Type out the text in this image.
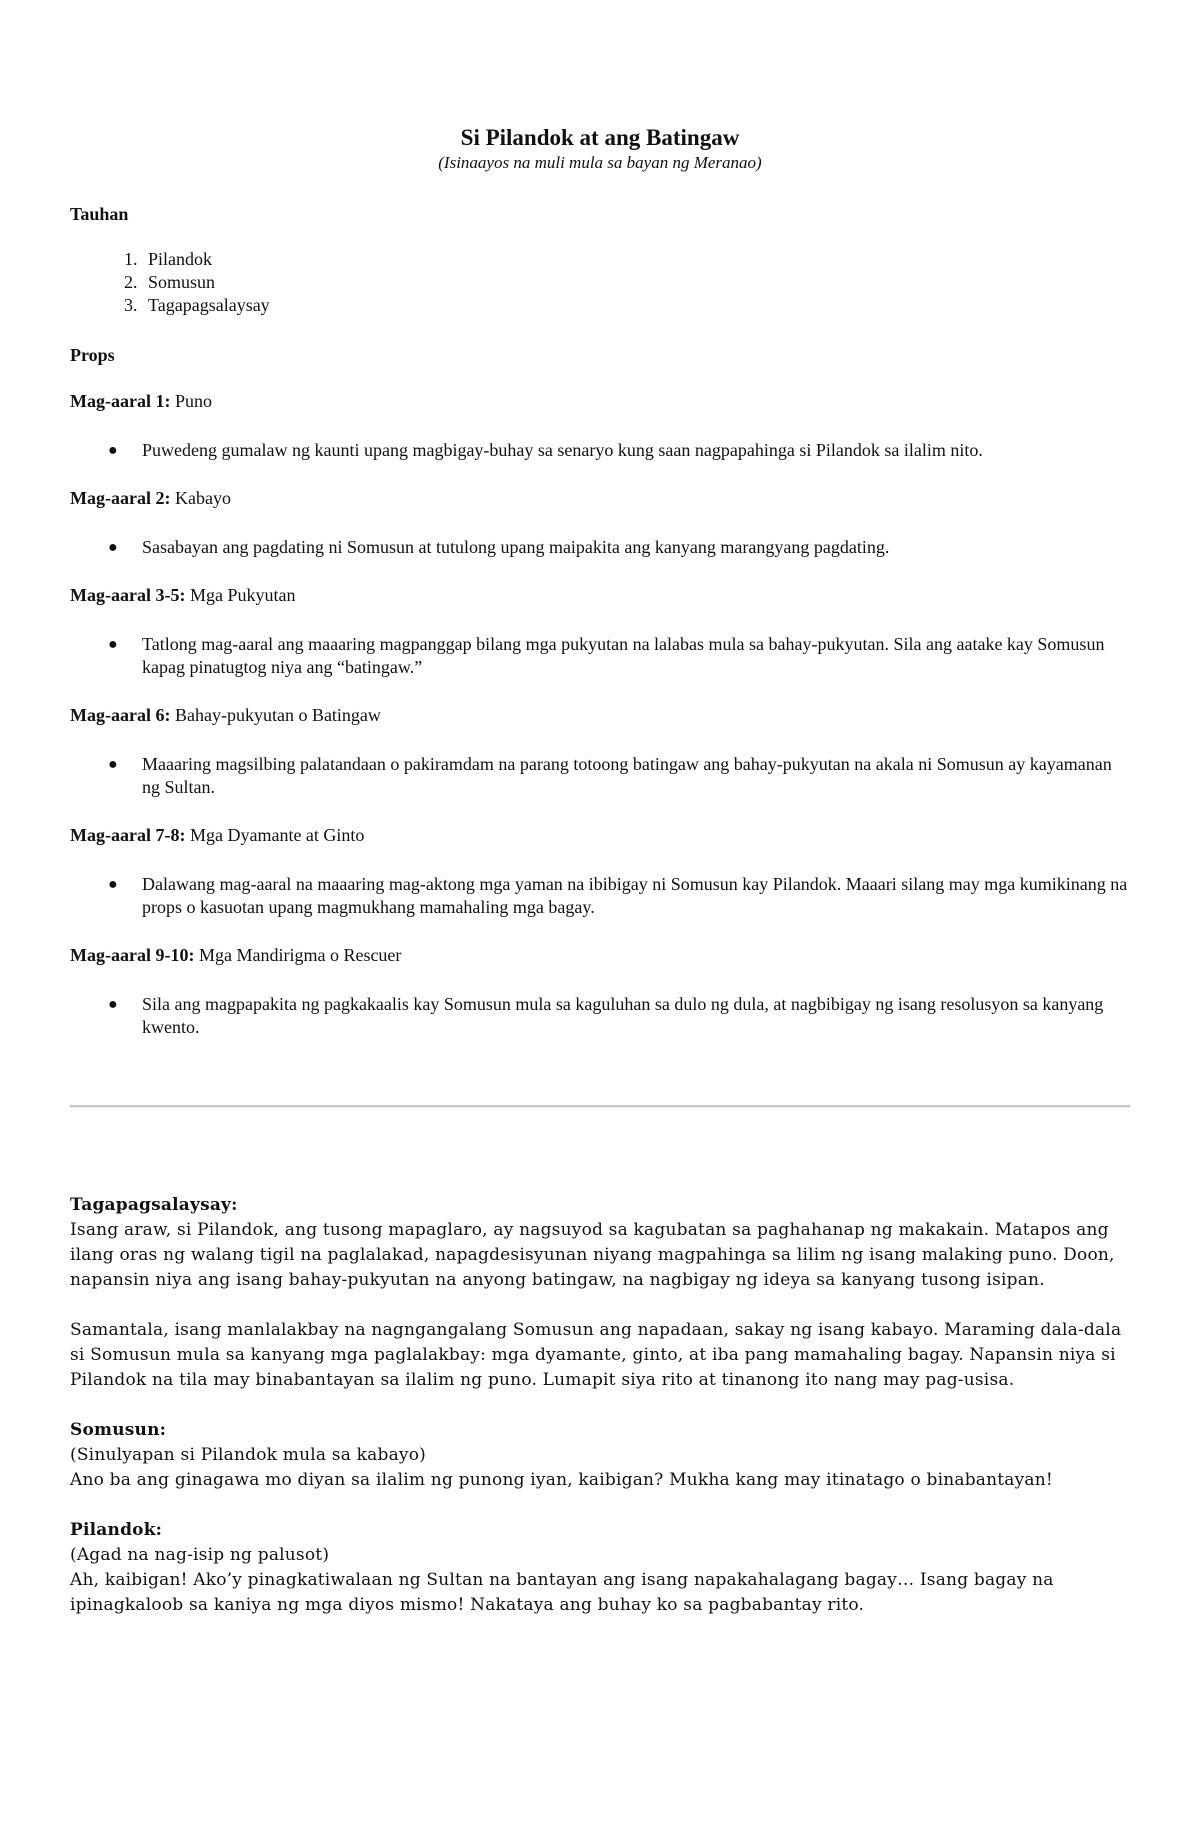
Si Pilandok at ang Batingaw
(Isinaayos na muli mula sa bayan ng Meranao)
Tauhan
1. Pilandok
2. Somusun
3. Tagapagsalaysay
Props
Mag-aaral 1: Puno
● Puwedeng gumalaw ng kaunti upang magbigay-buhay sa senaryo kung saan nagpapahinga si Pilandok sa ilalim nito.
Mag-aaral 2: Kabayo
● Sasabayan ang pagdating ni Somusun at tutulong upang maipakita ang kanyang marangyang pagdating.
Mag-aaral 3-5: Mga Pukyutan
● Tatlong mag-aaral ang maaaring magpanggap bilang mga pukyutan na lalabas mula sa bahay-pukyutan. Sila ang aatake kay Somusun kapag pinatugtog niya ang “batingaw.”
Mag-aaral 6: Bahay-pukyutan o Batingaw
● Maaaring magsilbing palatandaan o pakiramdam na parang totoong batingaw ang bahay-pukyutan na akala ni Somusun ay kayamanan ng Sultan.
Mag-aaral 7-8: Mga Dyamante at Ginto
● Dalawang mag-aaral na maaaring mag-aktong mga yaman na ibibigay ni Somusun kay Pilandok. Maaari silang may mga kumikinang na props o kasuotan upang magmukhang mamahaling mga bagay.
Mag-aaral 9-10: Mga Mandirigma o Rescuer
● Sila ang magpapakita ng pagkakaalis kay Somusun mula sa kaguluhan sa dulo ng dula, at nagbibigay ng isang resolusyon sa kanyang kwento.

Tagapagsalaysay:
Isang araw, si Pilandok, ang tusong mapaglaro, ay nagsuyod sa kagubatan sa paghahanap ng makakain. Matapos ang ilang oras ng walang tigil na paglalakad, napagdesisyunan niyang magpahinga sa lilim ng isang malaking puno. Doon, napansin niya ang isang bahay-pukyutan na anyong batingaw, na nagbigay ng ideya sa kanyang tusong isipan.

Samantala, isang manlalakbay na nagngangalang Somusun ang napadaan, sakay ng isang kabayo. Maraming dala-dala si Somusun mula sa kanyang mga paglalakbay: mga dyamante, ginto, at iba pang mamahaling bagay. Napansin niya si Pilandok na tila may binabantayan sa ilalim ng puno. Lumapit siya rito at tinanong ito nang may pag-usisa.

Somusun:
(Sinulyapan si Pilandok mula sa kabayo)
Ano ba ang ginagawa mo diyan sa ilalim ng punong iyan, kaibigan? Mukha kang may itinatago o binabantayan!

Pilandok:
(Agad na nag-isip ng palusot)
Ah, kaibigan! Ako’y pinagkatiwalaan ng Sultan na bantayan ang isang napakahalagang bagay… Isang bagay na ipinagkaloob sa kaniya ng mga diyos mismo! Nakataya ang buhay ko sa pagbabantay rito.
